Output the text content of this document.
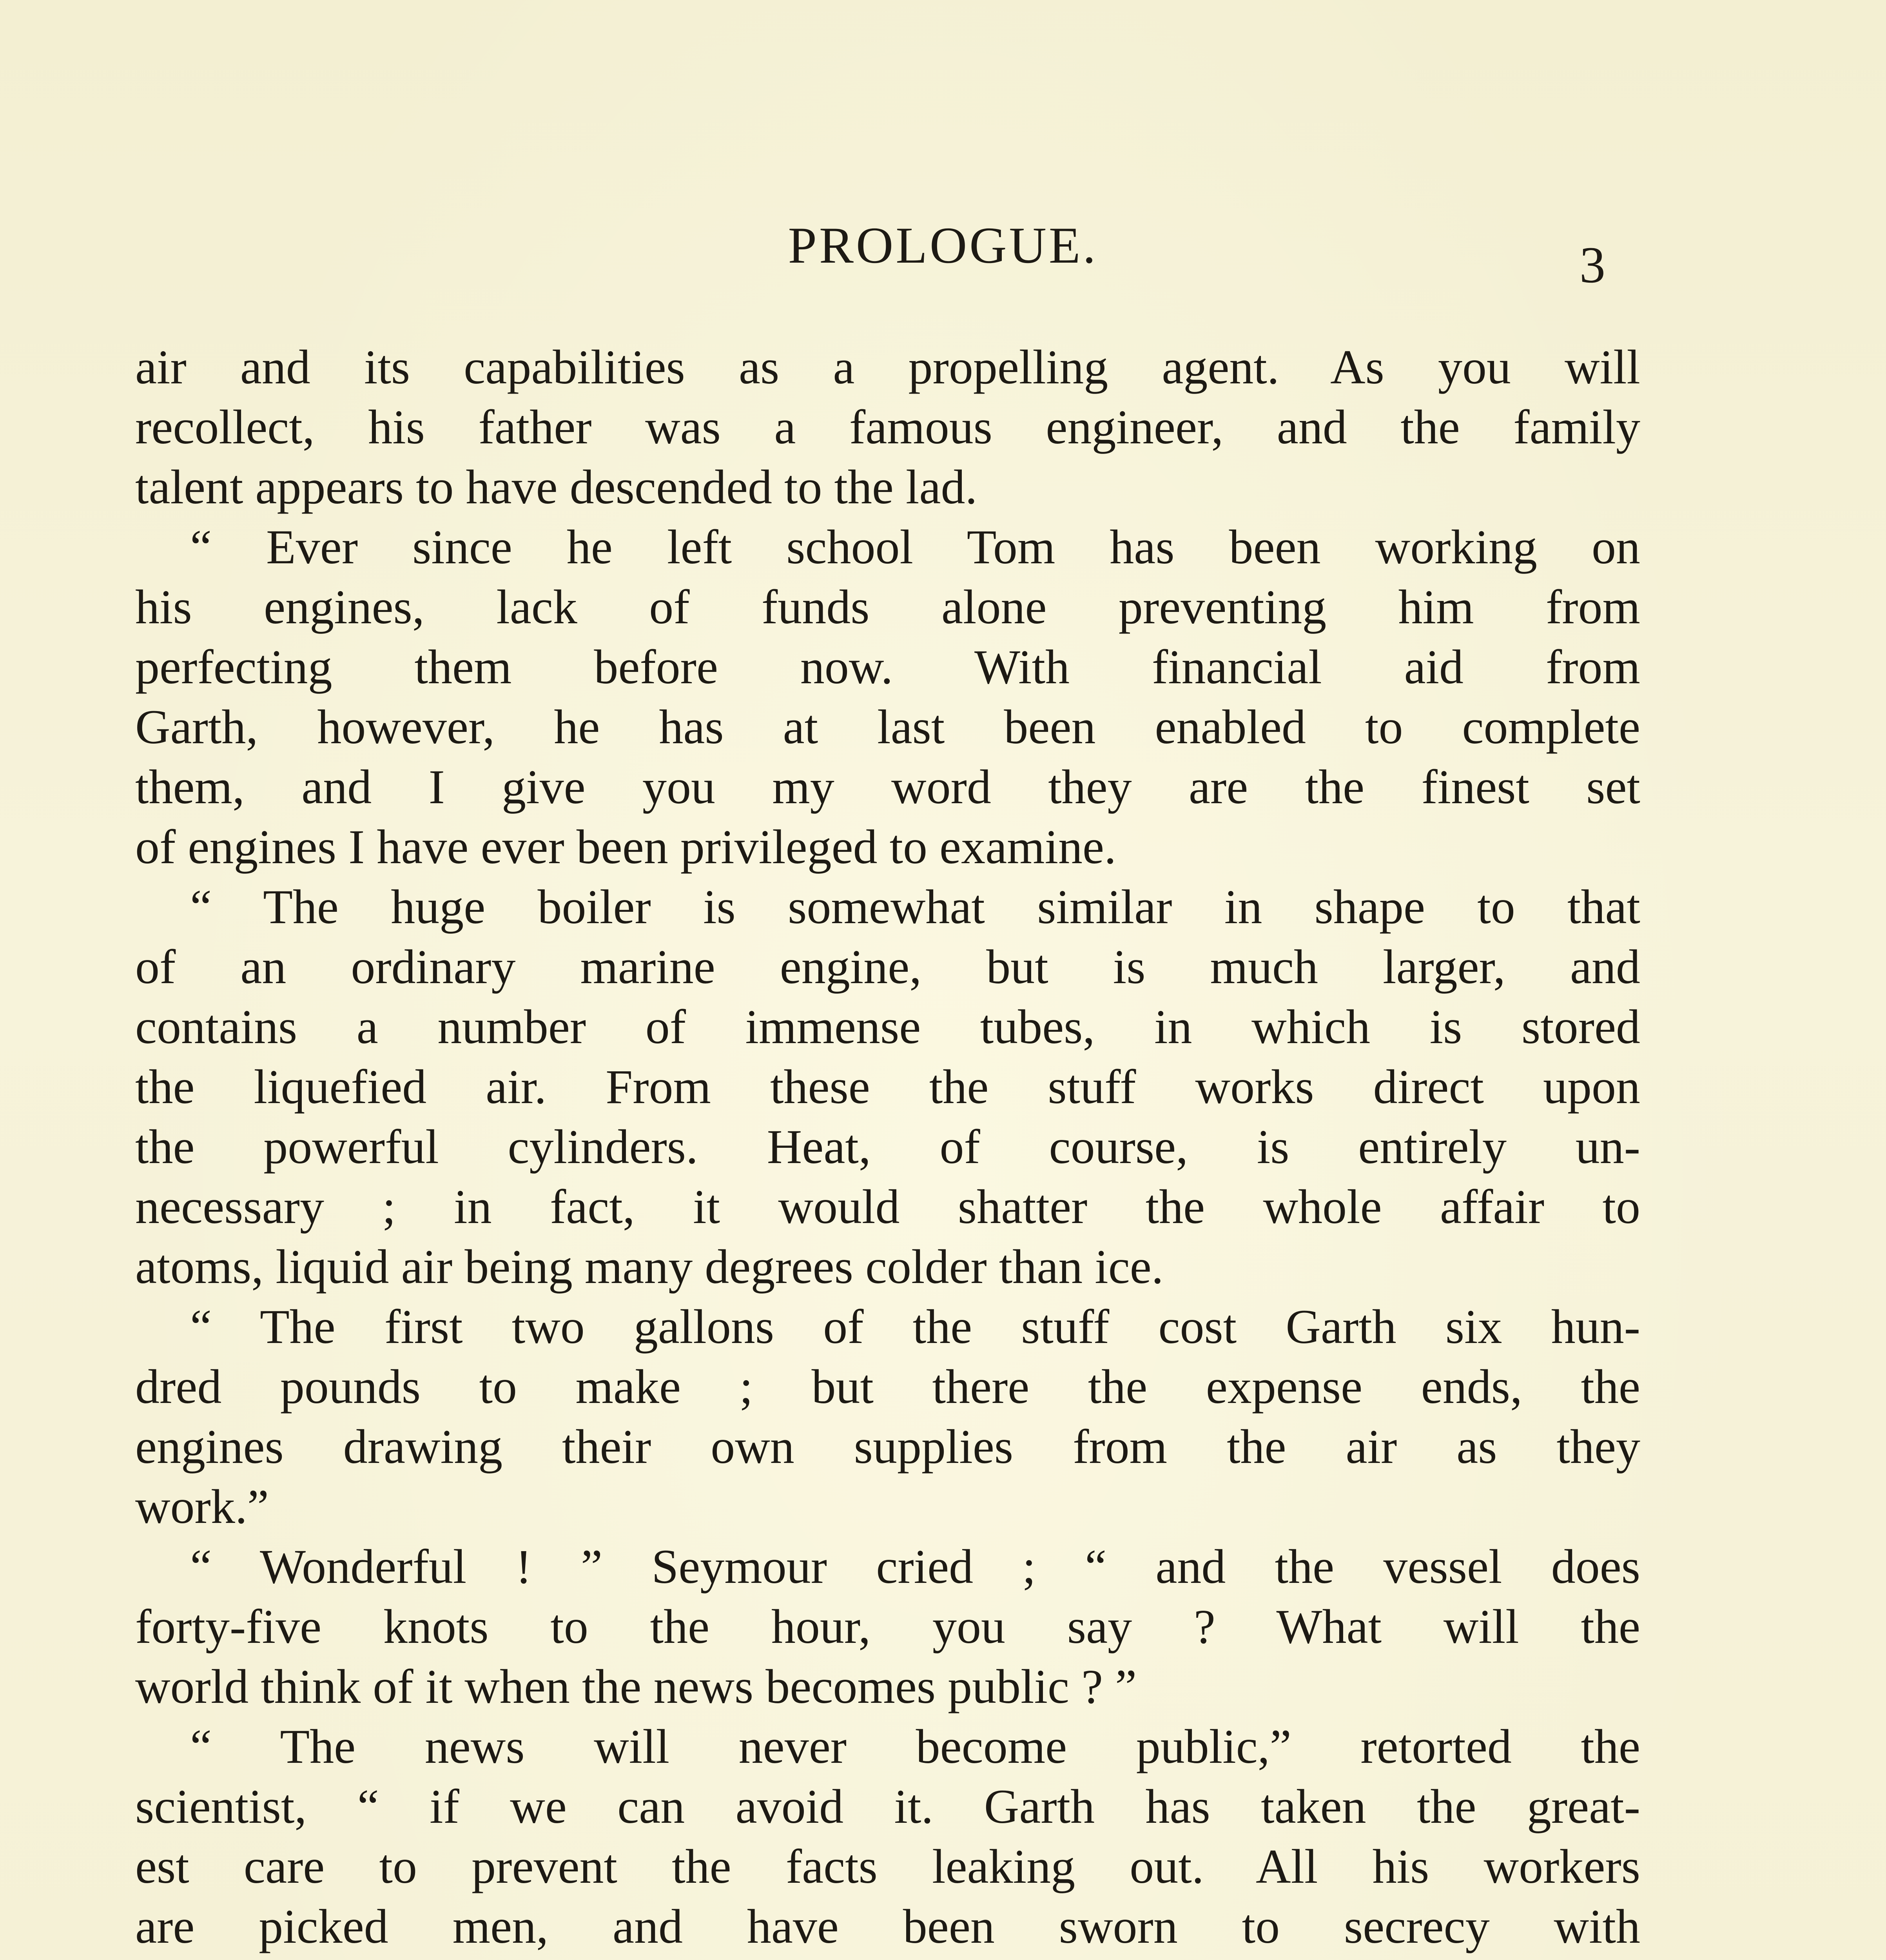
PROLOGUE.	3
air and its capabilities as a propelling agent. As you will
recollect, his father was a famous engineer, and the family
talent appears to have descended to the lad.
“ Ever since he left school Tom has been working on
his engines, lack of funds alone preventing him from
perfecting them before now. With financial aid from
Garth, however, he has at last been enabled to complete
them, and I give you my word they are the finest set
of engines I have ever been privileged to examine.
“ The huge boiler is somewhat similar in shape to that
of an ordinary marine engine, but is much larger, and
contains a number of immense tubes, in which is stored
the liquefied air. From these the stuff works direct upon
the powerful cylinders. Heat, of course, is entirely un-
necessary ; in fact, it would shatter the whole affair to
atoms, liquid air being many degrees colder than ice.
“ The first two gallons of the stuff cost Garth six hun-
dred pounds to make ; but there the expense ends, the
engines drawing their own supplies from the air as they
work.”
“ Wonderful ! ” Seymour cried ; “ and the vessel does
forty-five knots to the hour, you say ? What will the
world think of it when the news becomes public ? ”
“ The news will never become public,” retorted the
scientist, “ if we can avoid it. Garth has taken the great-
est care to prevent the facts leaking out. All his workers
are picked men, and have been sworn to secrecy with
